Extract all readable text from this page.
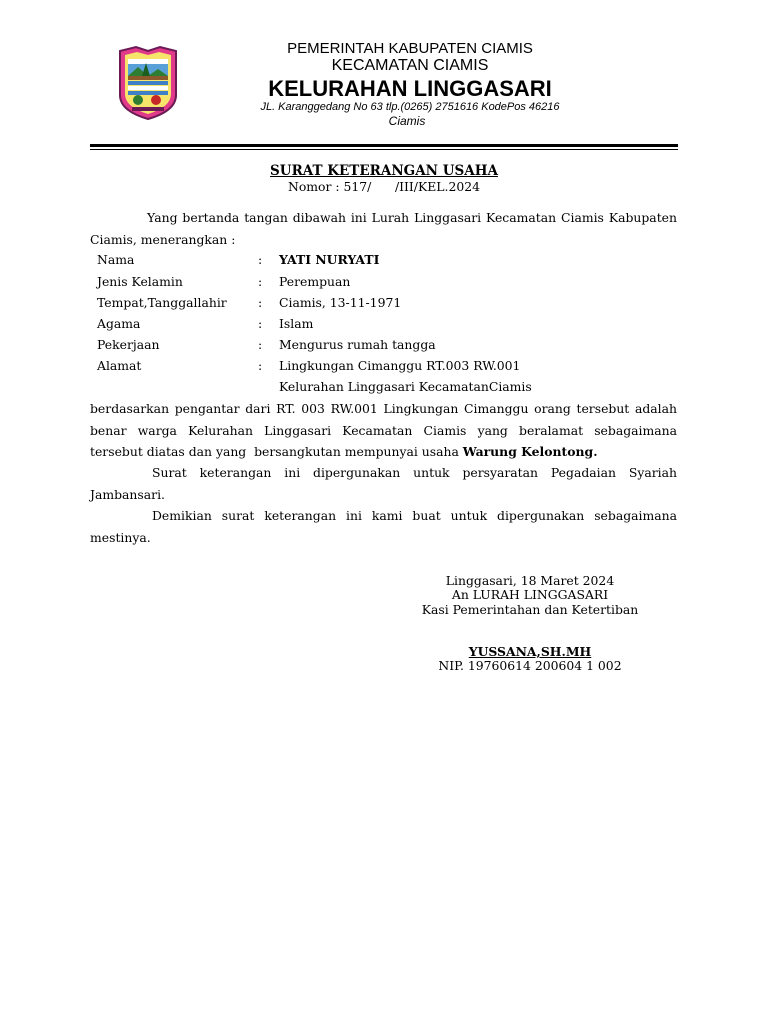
PEMERINTAH KABUPATEN CIAMIS
KECAMATAN CIAMIS
KELURAHAN LINGGASARI
JL. Karanggedang No 63 tlp.(0265) 2751616 KodePos 46216
Ciamis
SURAT KETERANGAN USAHA
Nomor : 517/      /III/KEL.2024
Yang bertanda tangan dibawah ini Lurah Linggasari Kecamatan Ciamis Kabupaten
Ciamis, menerangkan :
Nama	: YATI NURYATI
Jenis Kelamin	: Perempuan
Tempat,Tanggallahir	: Ciamis, 13-11-1971
Agama	: Islam
Pekerjaan	: Mengurus rumah tangga
Alamat	: Lingkungan Cimanggu RT.003 RW.001
Kelurahan Linggasari KecamatanCiamis
berdasarkan pengantar dari RT. 003 RW.001 Lingkungan Cimanggu orang tersebut adalah
benar warga Kelurahan Linggasari Kecamatan Ciamis yang beralamat sebagaimana
tersebut diatas dan yang  bersangkutan mempunyai usaha Warung Kelontong.
Surat keterangan ini dipergunakan untuk persyaratan Pegadaian Syariah
Jambansari.
Demikian surat keterangan ini kami buat untuk dipergunakan sebagaimana
mestinya.
Linggasari, 18 Maret 2024
An LURAH LINGGASARI
Kasi Pemerintahan dan Ketertiban
YUSSANA,SH.MH
NIP. 19760614 200604 1 002
